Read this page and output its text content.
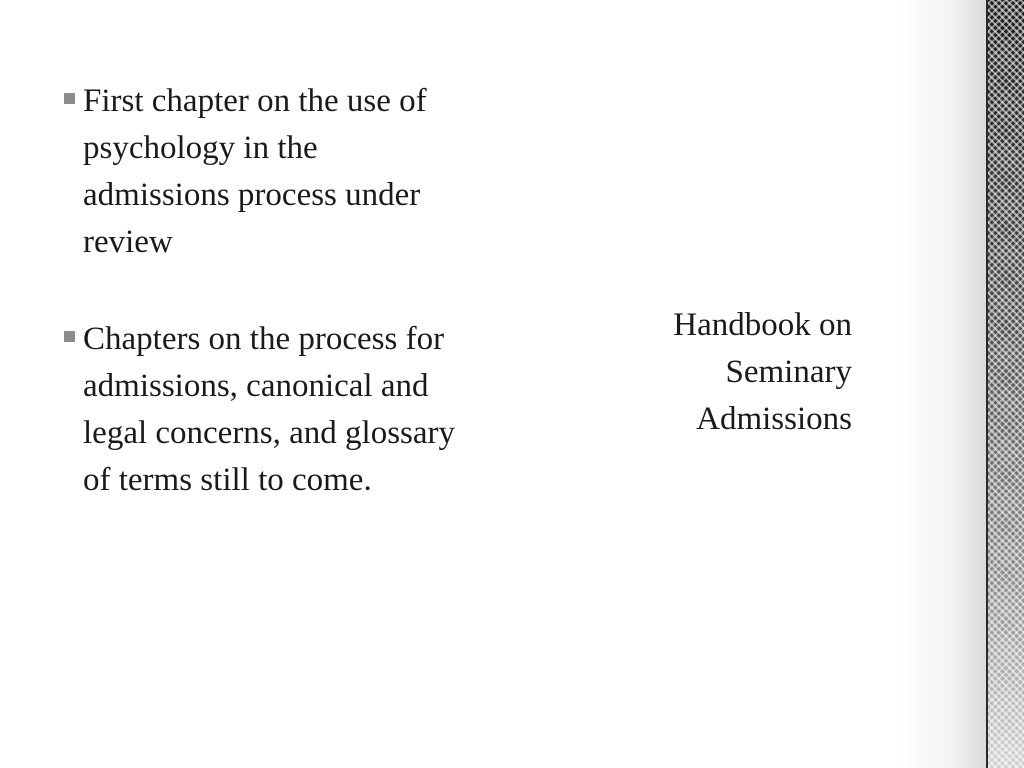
First chapter on the use of psychology in the admissions process under review
Chapters on the process for admissions, canonical and legal concerns, and glossary of terms still to come.
Handbook on Seminary Admissions
